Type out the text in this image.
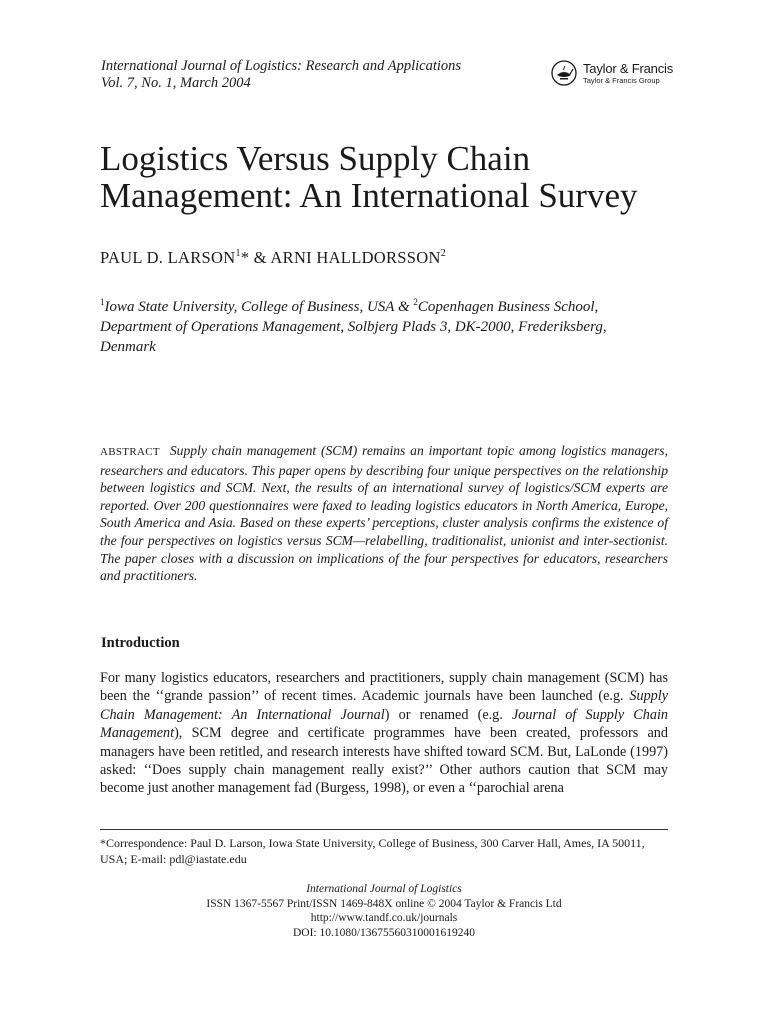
International Journal of Logistics: Research and Applications
Vol. 7, No. 1, March 2004
Taylor & Francis
Taylor & Francis Group
Logistics Versus Supply Chain Management: An International Survey
PAUL D. LARSON$^1$* & ARNI HALLDORSSON$^2$
$^1$Iowa State University, College of Business, USA & $^2$Copenhagen Business School, Department of Operations Management, Solbjerg Plads 3, DK-2000, Frederiksberg, Denmark

ABSTRACT Supply chain management (SCM) remains an important topic among logistics managers, researchers and educators. This paper opens by describing four unique perspectives on the relationship between logistics and SCM. Next, the results of an international survey of logistics/SCM experts are reported. Over 200 questionnaires were faxed to leading logistics educators in North America, Europe, South America and Asia. Based on these experts’ perceptions, cluster analysis confirms the existence of the four perspectives on logistics versus SCM—relabelling, traditionalist, unionist and inter-sectionist. The paper closes with a discussion on implications of the four perspectives for educators, researchers and practitioners.

Introduction

For many logistics educators, researchers and practitioners, supply chain management (SCM) has been the ‘‘grande passion’’ of recent times. Academic journals have been launched (e.g. Supply Chain Management: An International Journal) or renamed (e.g. Journal of Supply Chain Management), SCM degree and certificate programmes have been created, professors and managers have been retitled, and research interests have shifted toward SCM. But, LaLonde (1997) asked: ‘‘Does supply chain management really exist?’’ Other authors caution that SCM may become just another management fad (Burgess, 1998), or even a ‘‘parochial arena

*Correspondence: Paul D. Larson, Iowa State University, College of Business, 300 Carver Hall, Ames, IA 50011, USA; E-mail: pdl@iastate.edu

International Journal of Logistics
ISSN 1367-5567 Print/ISSN 1469-848X online © 2004 Taylor & Francis Ltd
http://www.tandf.co.uk/journals
DOI: 10.1080/13675560310001619240
